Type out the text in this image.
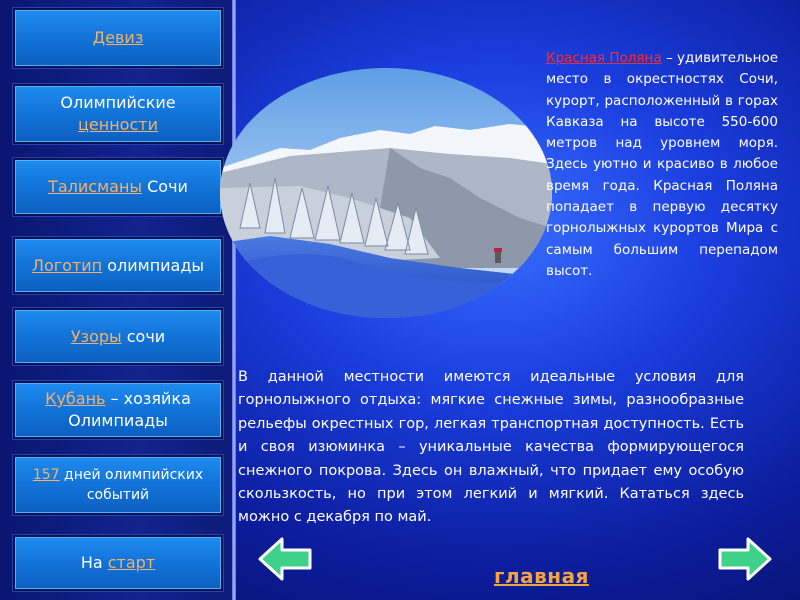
Девиз
Олимпийские
ценности
Талисманы Сочи
Логотип олимпиады
Узоры сочи
Кубань – хозяйка Олимпиады
157 дней олимпийских событий
На старт
Красная Поляна – удивительное место в окрестностях Сочи, курорт, расположенный в горах Кавказа на высоте 550-600 метров над уровнем моря. Здесь уютно и красиво в любое время года. Красная Поляна попадает в первую десятку горнолыжных курортов Мира с самым большим перепадом высот.
В данной местности имеются идеальные условия для горнолыжного отдыха: мягкие снежные зимы, разнообразные рельефы окрестных гор, легкая транспортная доступность. Есть и своя изюминка – уникальные качества формирующегося снежного покрова. Здесь он влажный, что придает ему особую скользкость, но при этом легкий и мягкий. Кататься здесь можно с декабря по май.
главная
